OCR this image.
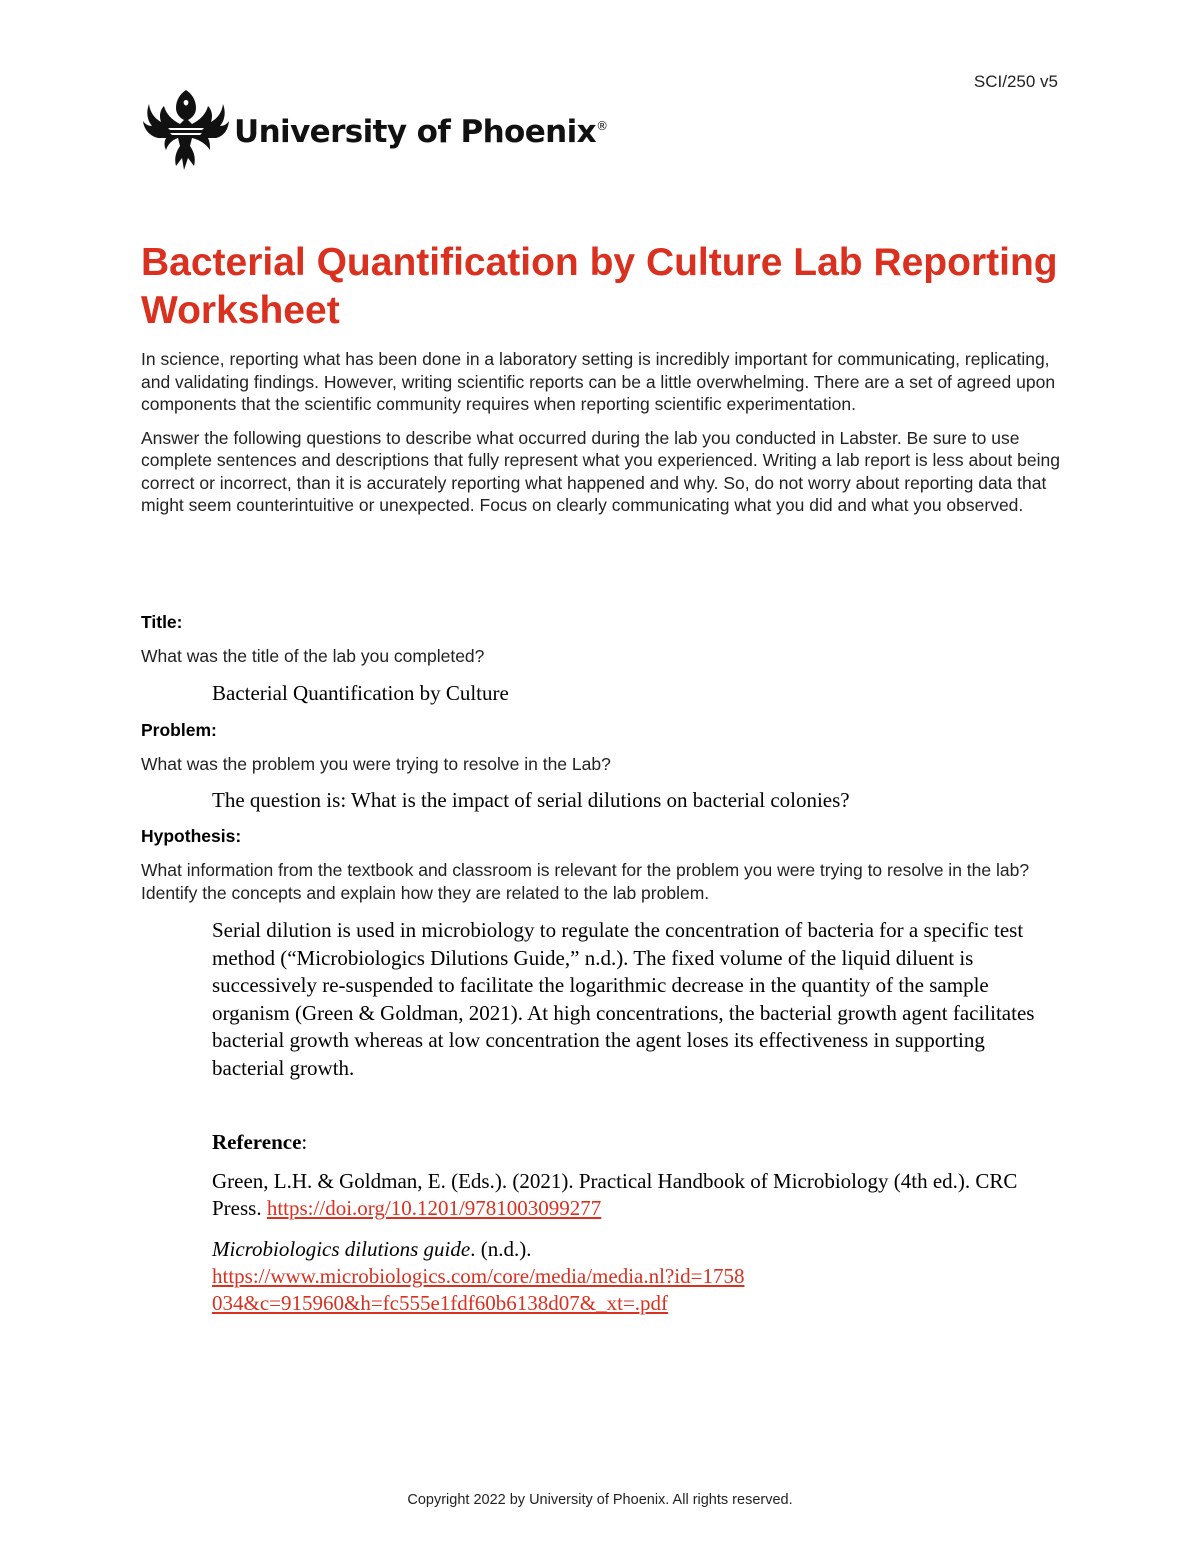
SCI/250 v5
University of Phoenix®
Bacterial Quantification by Culture Lab Reporting Worksheet

In science, reporting what has been done in a laboratory setting is incredibly important for communicating, replicating, and validating findings. However, writing scientific reports can be a little overwhelming. There are a set of agreed upon components that the scientific community requires when reporting scientific experimentation.

Answer the following questions to describe what occurred during the lab you conducted in Labster. Be sure to use complete sentences and descriptions that fully represent what you experienced. Writing a lab report is less about being correct or incorrect, than it is accurately reporting what happened and why. So, do not worry about reporting data that might seem counterintuitive or unexpected. Focus on clearly communicating what you did and what you observed.

Title:
What was the title of the lab you completed?
Bacterial Quantification by Culture
Problem:
What was the problem you were trying to resolve in the Lab?
The question is: What is the impact of serial dilutions on bacterial colonies?
Hypothesis:
What information from the textbook and classroom is relevant for the problem you were trying to resolve in the lab? Identify the concepts and explain how they are related to the lab problem.
Serial dilution is used in microbiology to regulate the concentration of bacteria for a specific test method (“Microbiologics Dilutions Guide,” n.d.). The fixed volume of the liquid diluent is successively re-suspended to facilitate the logarithmic decrease in the quantity of the sample organism (Green & Goldman, 2021). At high concentrations, the bacterial growth agent facilitates bacterial growth whereas at low concentration the agent loses its effectiveness in supporting bacterial growth.
Reference:
Green, L.H. & Goldman, E. (Eds.). (2021). Practical Handbook of Microbiology (4th ed.). CRC Press. https://doi.org/10.1201/9781003099277
Microbiologics dilutions guide. (n.d.).
https://www.microbiologics.com/core/media/media.nl?id=1758034&c=915960&h=fc555e1fdf60b6138d07&_xt=.pdf
Copyright 2022 by University of Phoenix. All rights reserved.
